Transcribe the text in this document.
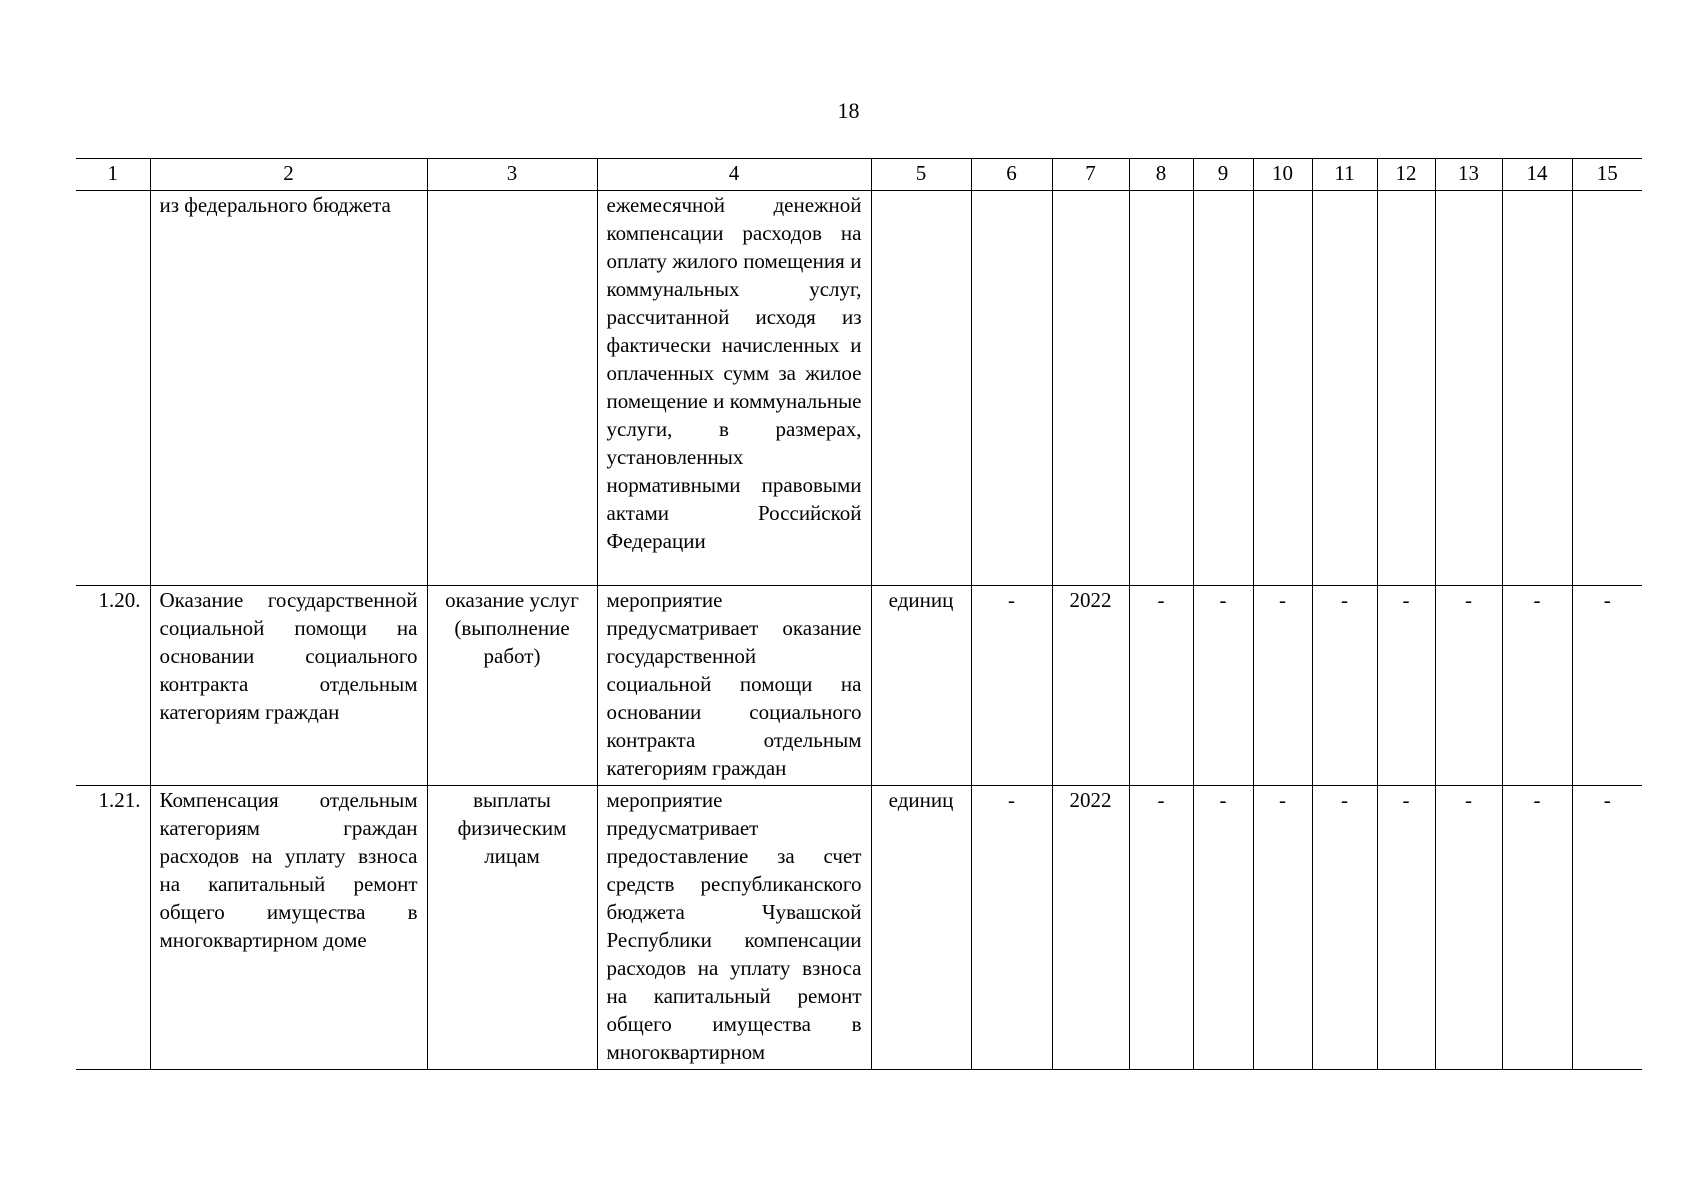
18
1	2	3	4	5	6	7	8	9	10	11	12	13	14	15
	из федерального бюджета		ежемесячной денежной компенсации расходов на оплату жилого помещения и коммунальных услуг, рассчитанной исходя из фактически начисленных и оплаченных сумм за жилое помещение и коммунальные услуги, в размерах, установленных нормативными правовыми актами Российской Федерации											
1.20.	Оказание государственной социальной помощи на основании социального контракта отдельным категориям граждан	оказание услуг (выполнение работ)	мероприятие предусматривает оказание государственной социальной помощи на основании социального контракта отдельным категориям граждан	единиц	-	2022	-	-	-	-	-	-	-	-
1.21.	Компенсация отдельным категориям граждан расходов на уплату взноса на капитальный ремонт общего имущества в многоквартирном доме	выплаты физическим лицам	мероприятие предусматривает предоставление за счет средств республиканского бюджета Чувашской Республики компенсации расходов на уплату взноса на капитальный ремонт общего имущества в многоквартирном	единиц	-	2022	-	-	-	-	-	-	-	-
